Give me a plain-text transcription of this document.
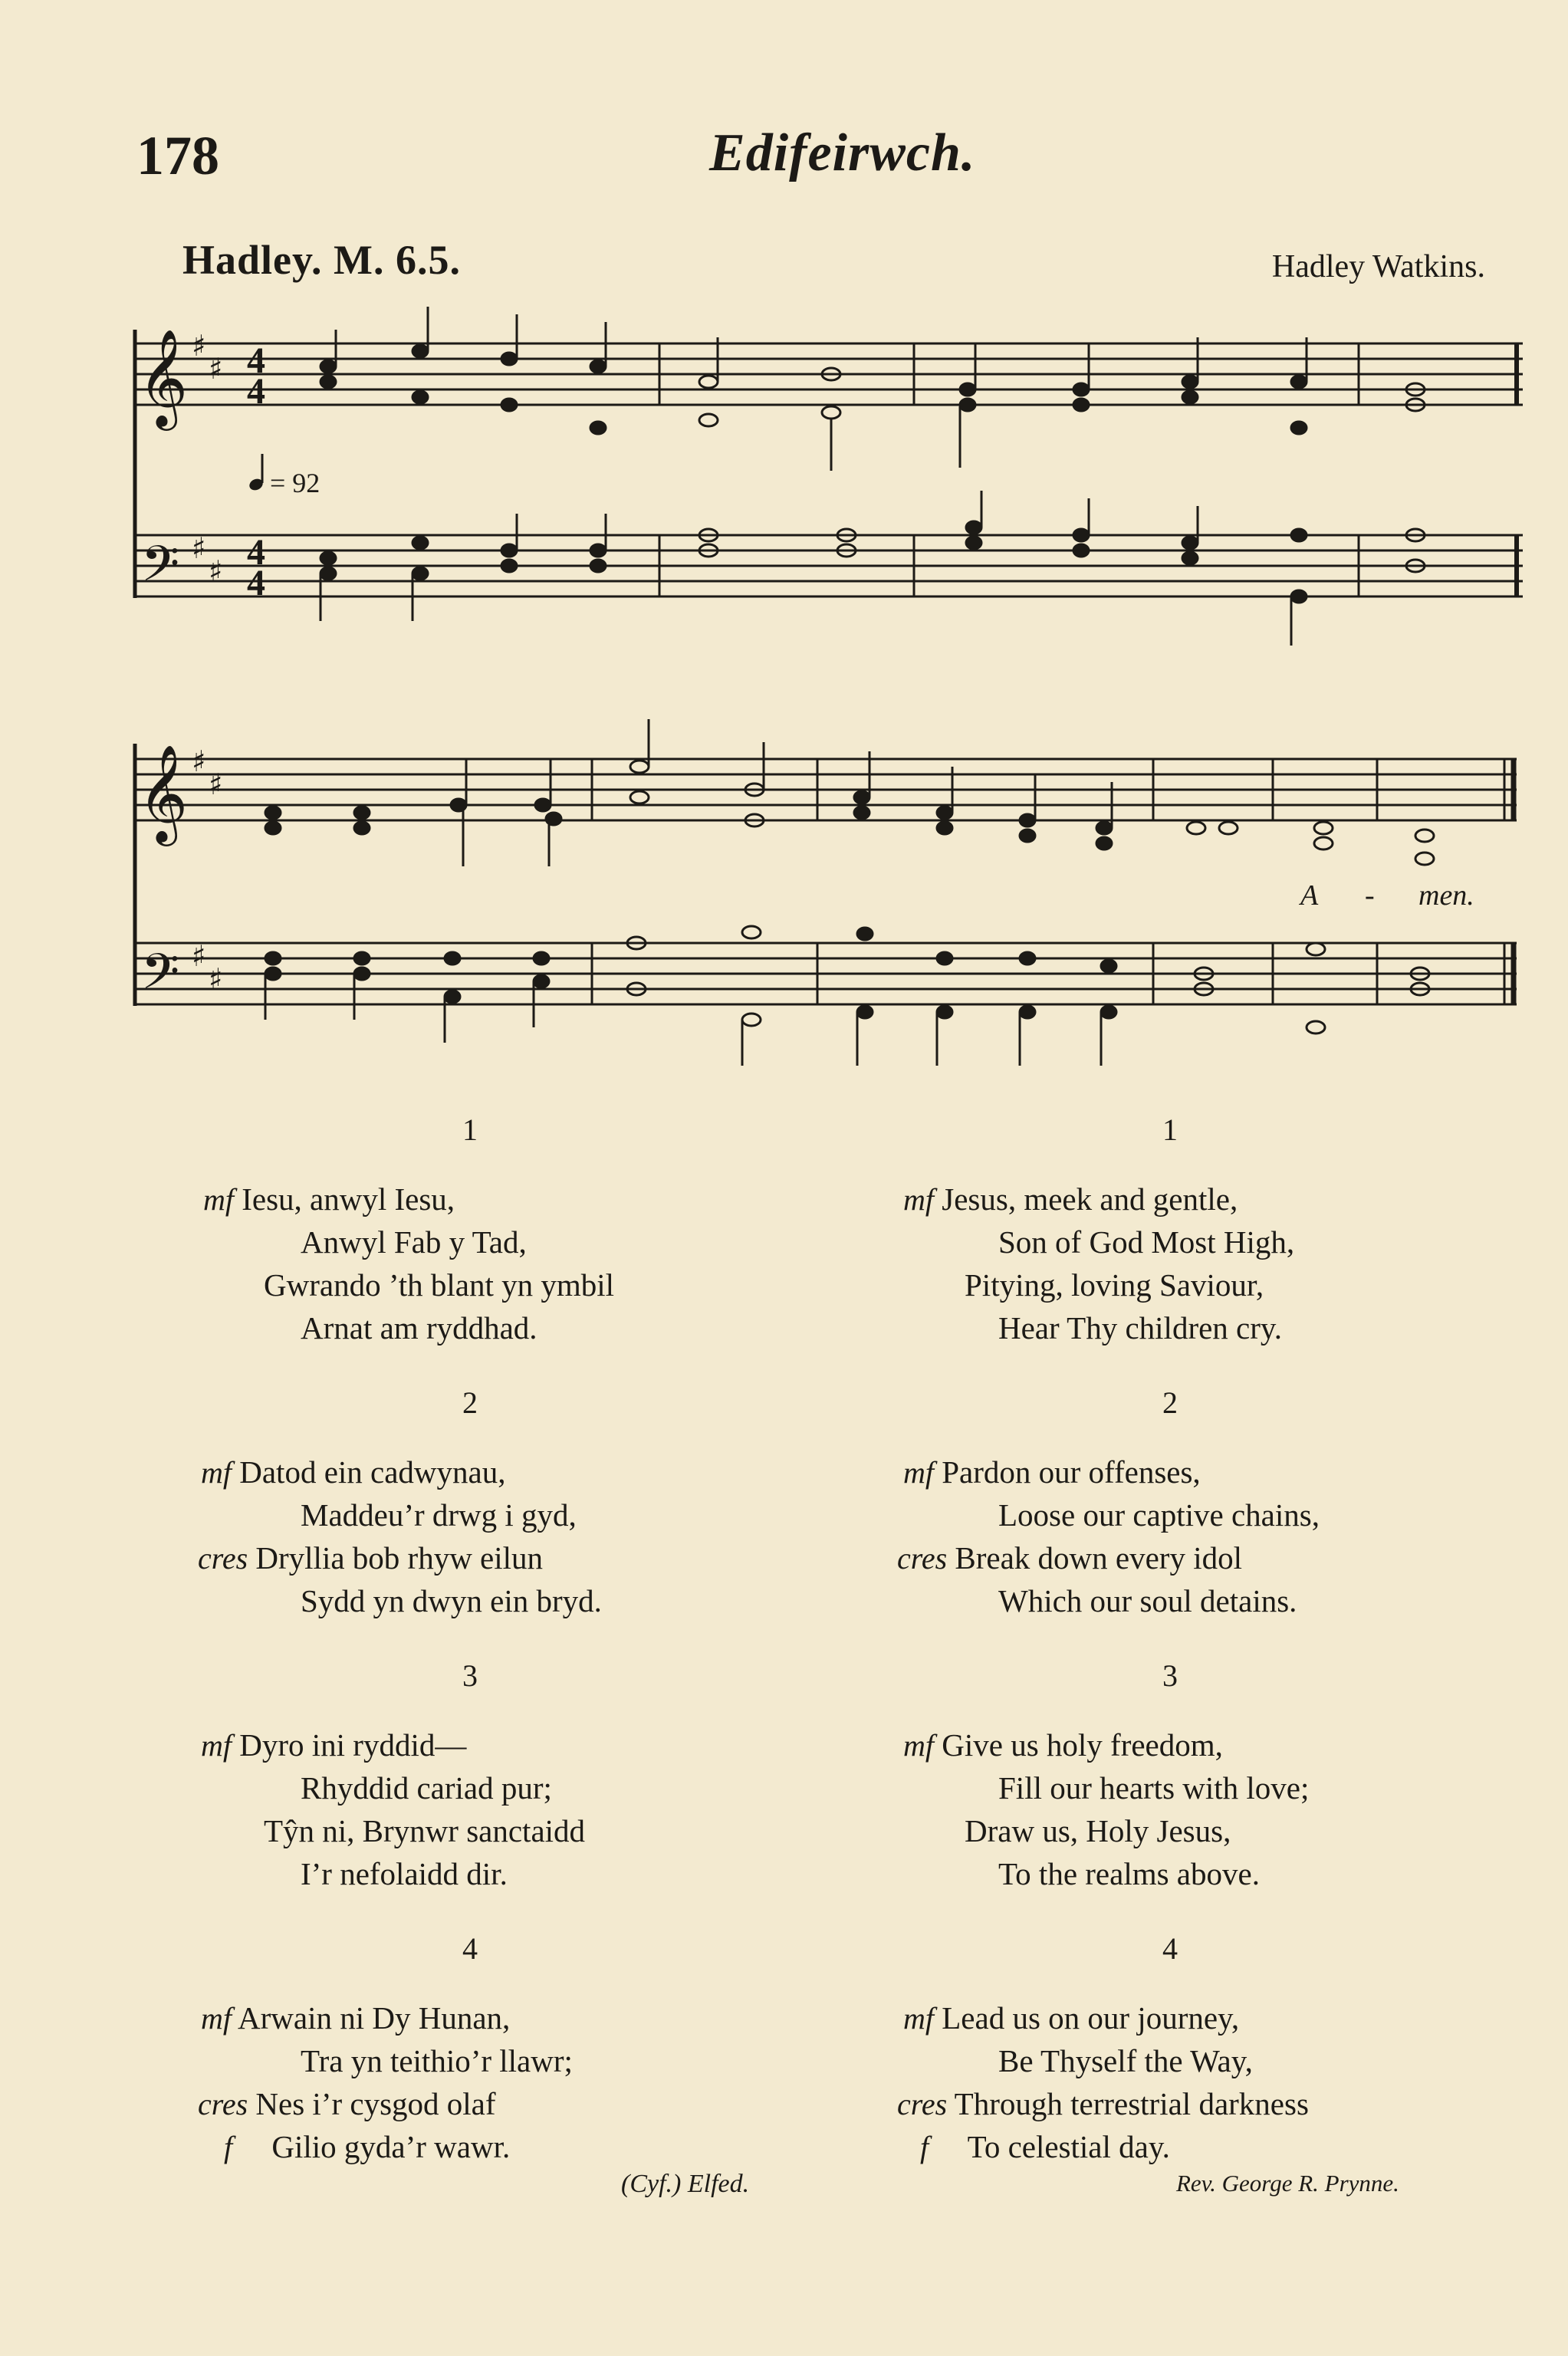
178	Edifeirwch.
Hadley. M. 6.5.	Hadley Watkins.
𝄞
𝄢
♯
♯
♯
♯
4
4
4
4
= 92
𝄞
𝄢
♯
♯
♯
♯
A - men.
1
mf Iesu, anwyl Iesu,
Anwyl Fab y Tad,
Gwrando ’th blant yn ymbil
Arnat am ryddhad.
2
mf Datod ein cadwynau,
Maddeu’r drwg i gyd,
cres Dryllia bob rhyw eilun
Sydd yn dwyn ein bryd.
3
mf Dyro ini ryddid—
Rhyddid cariad pur;
Tŷn ni, Brynwr sanctaidd
I’r nefolaidd dir.
4
mf Arwain ni Dy Hunan,
Tra yn teithio’r llawr;
cres Nes i’r cysgod olaf
f Gilio gyda’r wawr.
(Cyf.) Elfed.
1
mf Jesus, meek and gentle,
Son of God Most High,
Pitying, loving Saviour,
Hear Thy children cry.
2
mf Pardon our offenses,
Loose our captive chains,
cres Break down every idol
Which our soul detains.
3
mf Give us holy freedom,
Fill our hearts with love;
Draw us, Holy Jesus,
To the realms above.
4
mf Lead us on our journey,
Be Thyself the Way,
cres Through terrestrial darkness
f To celestial day.
Rev. George R. Prynne.
